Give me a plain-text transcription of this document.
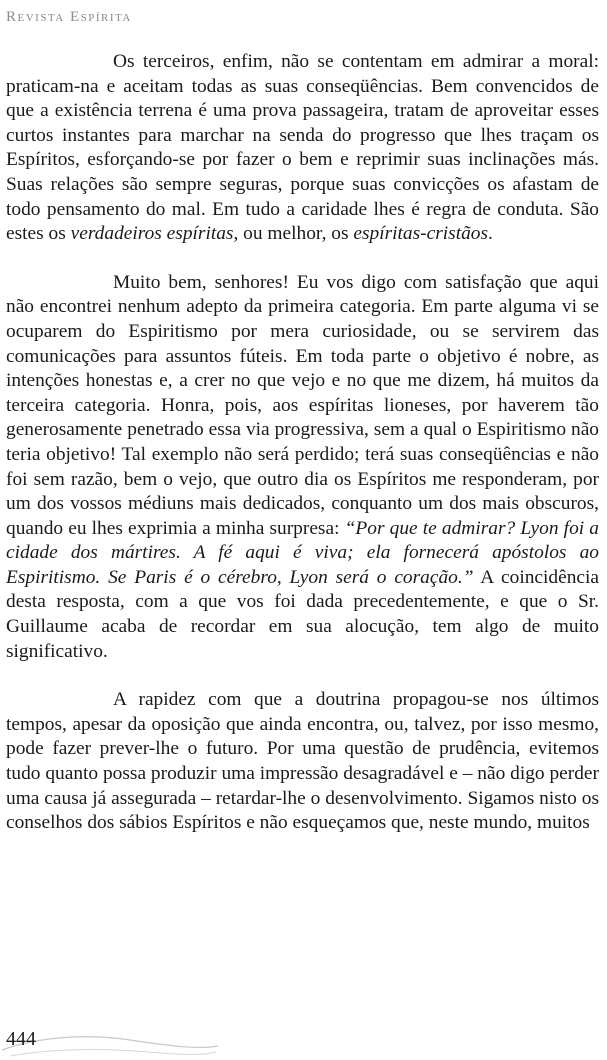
Revista Espírita

Os terceiros, enfim, não se contentam em admirar a moral: praticam-na e aceitam todas as suas conseqüências. Bem convencidos de que a existência terrena é uma prova passageira, tratam de aproveitar esses curtos instantes para marchar na senda do progresso que lhes traçam os Espíritos, esforçando-se por fazer o bem e reprimir suas inclinações más. Suas relações são sempre seguras, porque suas convicções os afastam de todo pensamento do mal. Em tudo a caridade lhes é regra de conduta. São estes os verdadeiros espíritas, ou melhor, os espíritas-cristãos.

Muito bem, senhores! Eu vos digo com satisfação que aqui não encontrei nenhum adepto da primeira categoria. Em parte alguma vi se ocuparem do Espiritismo por mera curiosidade, ou se servirem das comunicações para assuntos fúteis. Em toda parte o objetivo é nobre, as intenções honestas e, a crer no que vejo e no que me dizem, há muitos da terceira categoria. Honra, pois, aos espíritas lioneses, por haverem tão generosamente penetrado essa via progressiva, sem a qual o Espiritismo não teria objetivo! Tal exemplo não será perdido; terá suas conseqüências e não foi sem razão, bem o vejo, que outro dia os Espíritos me responderam, por um dos vossos médiuns mais dedicados, conquanto um dos mais obscuros, quando eu lhes exprimia a minha surpresa: “Por que te admirar? Lyon foi a cidade dos mártires. A fé aqui é viva; ela fornecerá apóstolos ao Espiritismo. Se Paris é o cérebro, Lyon será o coração.” A coincidência desta resposta, com a que vos foi dada precedentemente, e que o Sr. Guillaume acaba de recordar em sua alocução, tem algo de muito significativo.

A rapidez com que a doutrina propagou-se nos últimos tempos, apesar da oposição que ainda encontra, ou, talvez, por isso mesmo, pode fazer prever-lhe o futuro. Por uma questão de prudência, evitemos tudo quanto possa produzir uma impressão desagradável e – não digo perder uma causa já assegurada – retardar-lhe o desenvolvimento. Sigamos nisto os conselhos dos sábios Espíritos e não esqueçamos que, neste mundo, muitos

444
